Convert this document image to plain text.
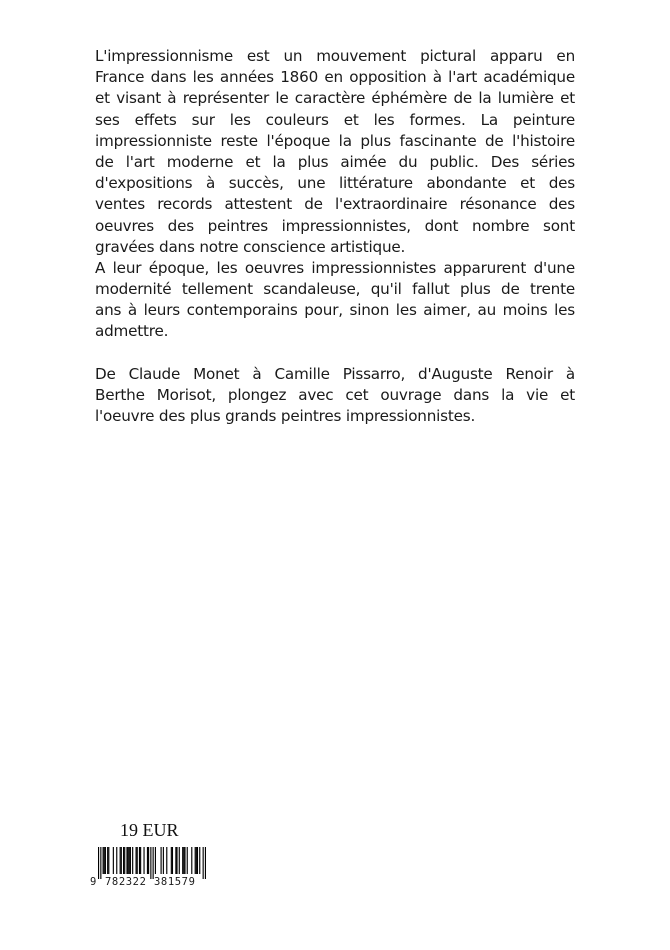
L'impressionnisme est un mouvement pictural apparu en
France dans les années 1860 en opposition à l'art académique
et visant à représenter le caractère éphémère de la lumière et
ses effets sur les couleurs et les formes. La peinture
impressionniste reste l'époque la plus fascinante de l'histoire
de l'art moderne et la plus aimée du public. Des séries
d'expositions à succès, une littérature abondante et des
ventes records attestent de l'extraordinaire résonance des
oeuvres des peintres impressionnistes, dont nombre sont
gravées dans notre conscience artistique.
A leur époque, les oeuvres impressionnistes apparurent d'une
modernité tellement scandaleuse, qu'il fallut plus de trente
ans à leurs contemporains pour, sinon les aimer, au moins les
admettre.
De Claude Monet à Camille Pissarro, d'Auguste Renoir à
Berthe Morisot, plongez avec cet ouvrage dans la vie et
l'oeuvre des plus grands peintres impressionnistes.
19 EUR
9 782322 381579
